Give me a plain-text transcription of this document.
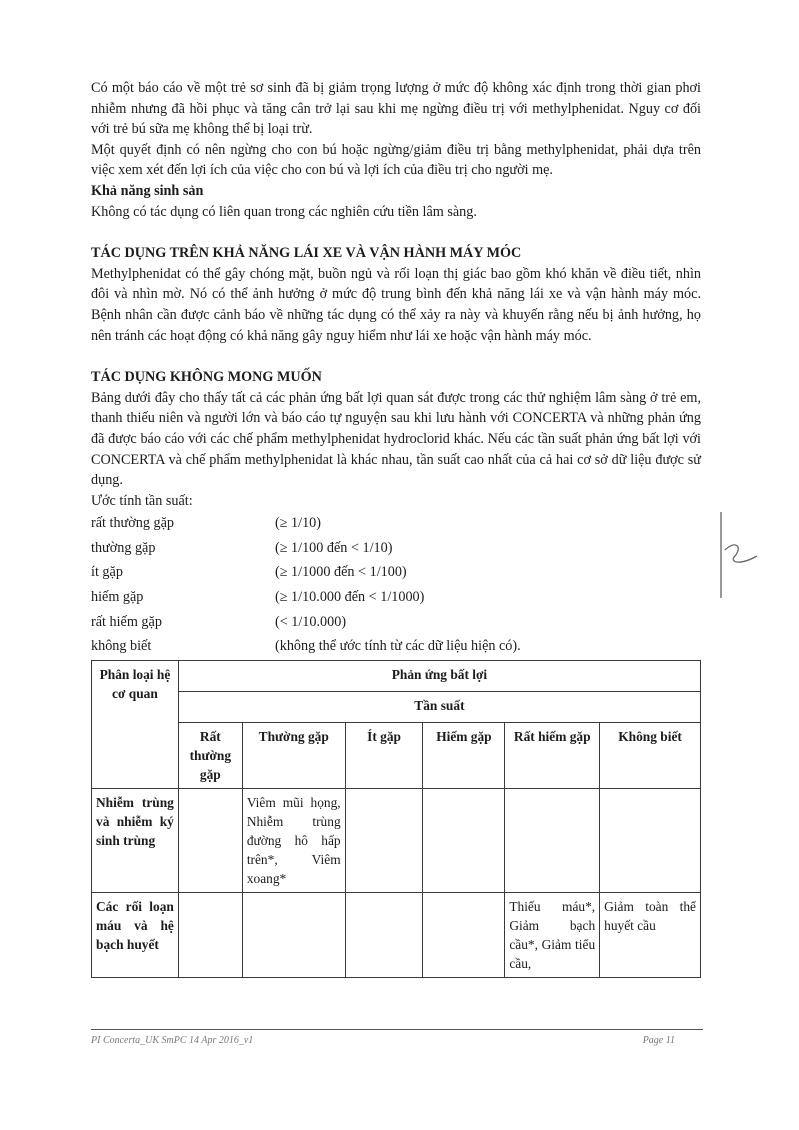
Có một báo cáo về một trẻ sơ sinh đã bị giảm trọng lượng ở mức độ không xác định trong thời gian phơi nhiễm nhưng đã hồi phục và tăng cân trở lại sau khi mẹ ngừng điều trị với methylphenidat. Nguy cơ đối với trẻ bú sữa mẹ không thể bị loại trừ.

Một quyết định có nên ngừng cho con bú hoặc ngừng/giảm điều trị bằng methylphenidat, phải dựa trên việc xem xét đến lợi ích của việc cho con bú và lợi ích của điều trị cho người mẹ.

Khả năng sinh sản

Không có tác dụng có liên quan trong các nghiên cứu tiền lâm sàng.

TÁC DỤNG TRÊN KHẢ NĂNG LÁI XE VÀ VẬN HÀNH MÁY MÓC

Methylphenidat có thể gây chóng mặt, buồn ngủ và rối loạn thị giác bao gồm khó khăn về điều tiết, nhìn đôi và nhìn mờ. Nó có thể ảnh hưởng ở mức độ trung bình đến khả năng lái xe và vận hành máy móc. Bệnh nhân cần được cảnh báo về những tác dụng có thể xảy ra này và khuyến rằng nếu bị ảnh hưởng, họ nên tránh các hoạt động có khả năng gây nguy hiểm như lái xe hoặc vận hành máy móc.

TÁC DỤNG KHÔNG MONG MUỐN

Bảng dưới đây cho thấy tất cả các phản ứng bất lợi quan sát được trong các thử nghiệm lâm sàng ở trẻ em, thanh thiếu niên và người lớn và báo cáo tự nguyện sau khi lưu hành với CONCERTA và những phản ứng đã được báo cáo với các chế phẩm methylphenidat hydroclorid khác. Nếu các tần suất phản ứng bất lợi với CONCERTA và chế phẩm methylphenidat là khác nhau, tần suất cao nhất của cả hai cơ sở dữ liệu được sử dụng.

Ước tính tần suất:

rất thường gặp	(≥ 1/10)
thường gặp	(≥ 1/100 đến < 1/10)
ít gặp	(≥ 1/1000 đến < 1/100)
hiếm gặp	(≥ 1/10.000 đến < 1/1000)
rất hiếm gặp	(< 1/10.000)
không biết	(không thể ước tính từ các dữ liệu hiện có).
Phân loại hệ cơ quan	Phản ứng bất lợi					
	Tần suất					
	Rất thường gặp	Thường gặp	Ít gặp	Hiếm gặp	Rất hiếm gặp	Không biết
Nhiễm trùng và nhiễm ký sinh trùng		Viêm mũi họng, Nhiễm trùng đường hô hấp trên*, Viêm xoang*				
Các rối loạn máu và hệ bạch huyết					Thiếu máu*, Giảm bạch cầu*, Giảm tiểu cầu,	Giảm toàn thể huyết cầu
PI Concerta_UK SmPC 14 Apr 2016_v1	Page 11
